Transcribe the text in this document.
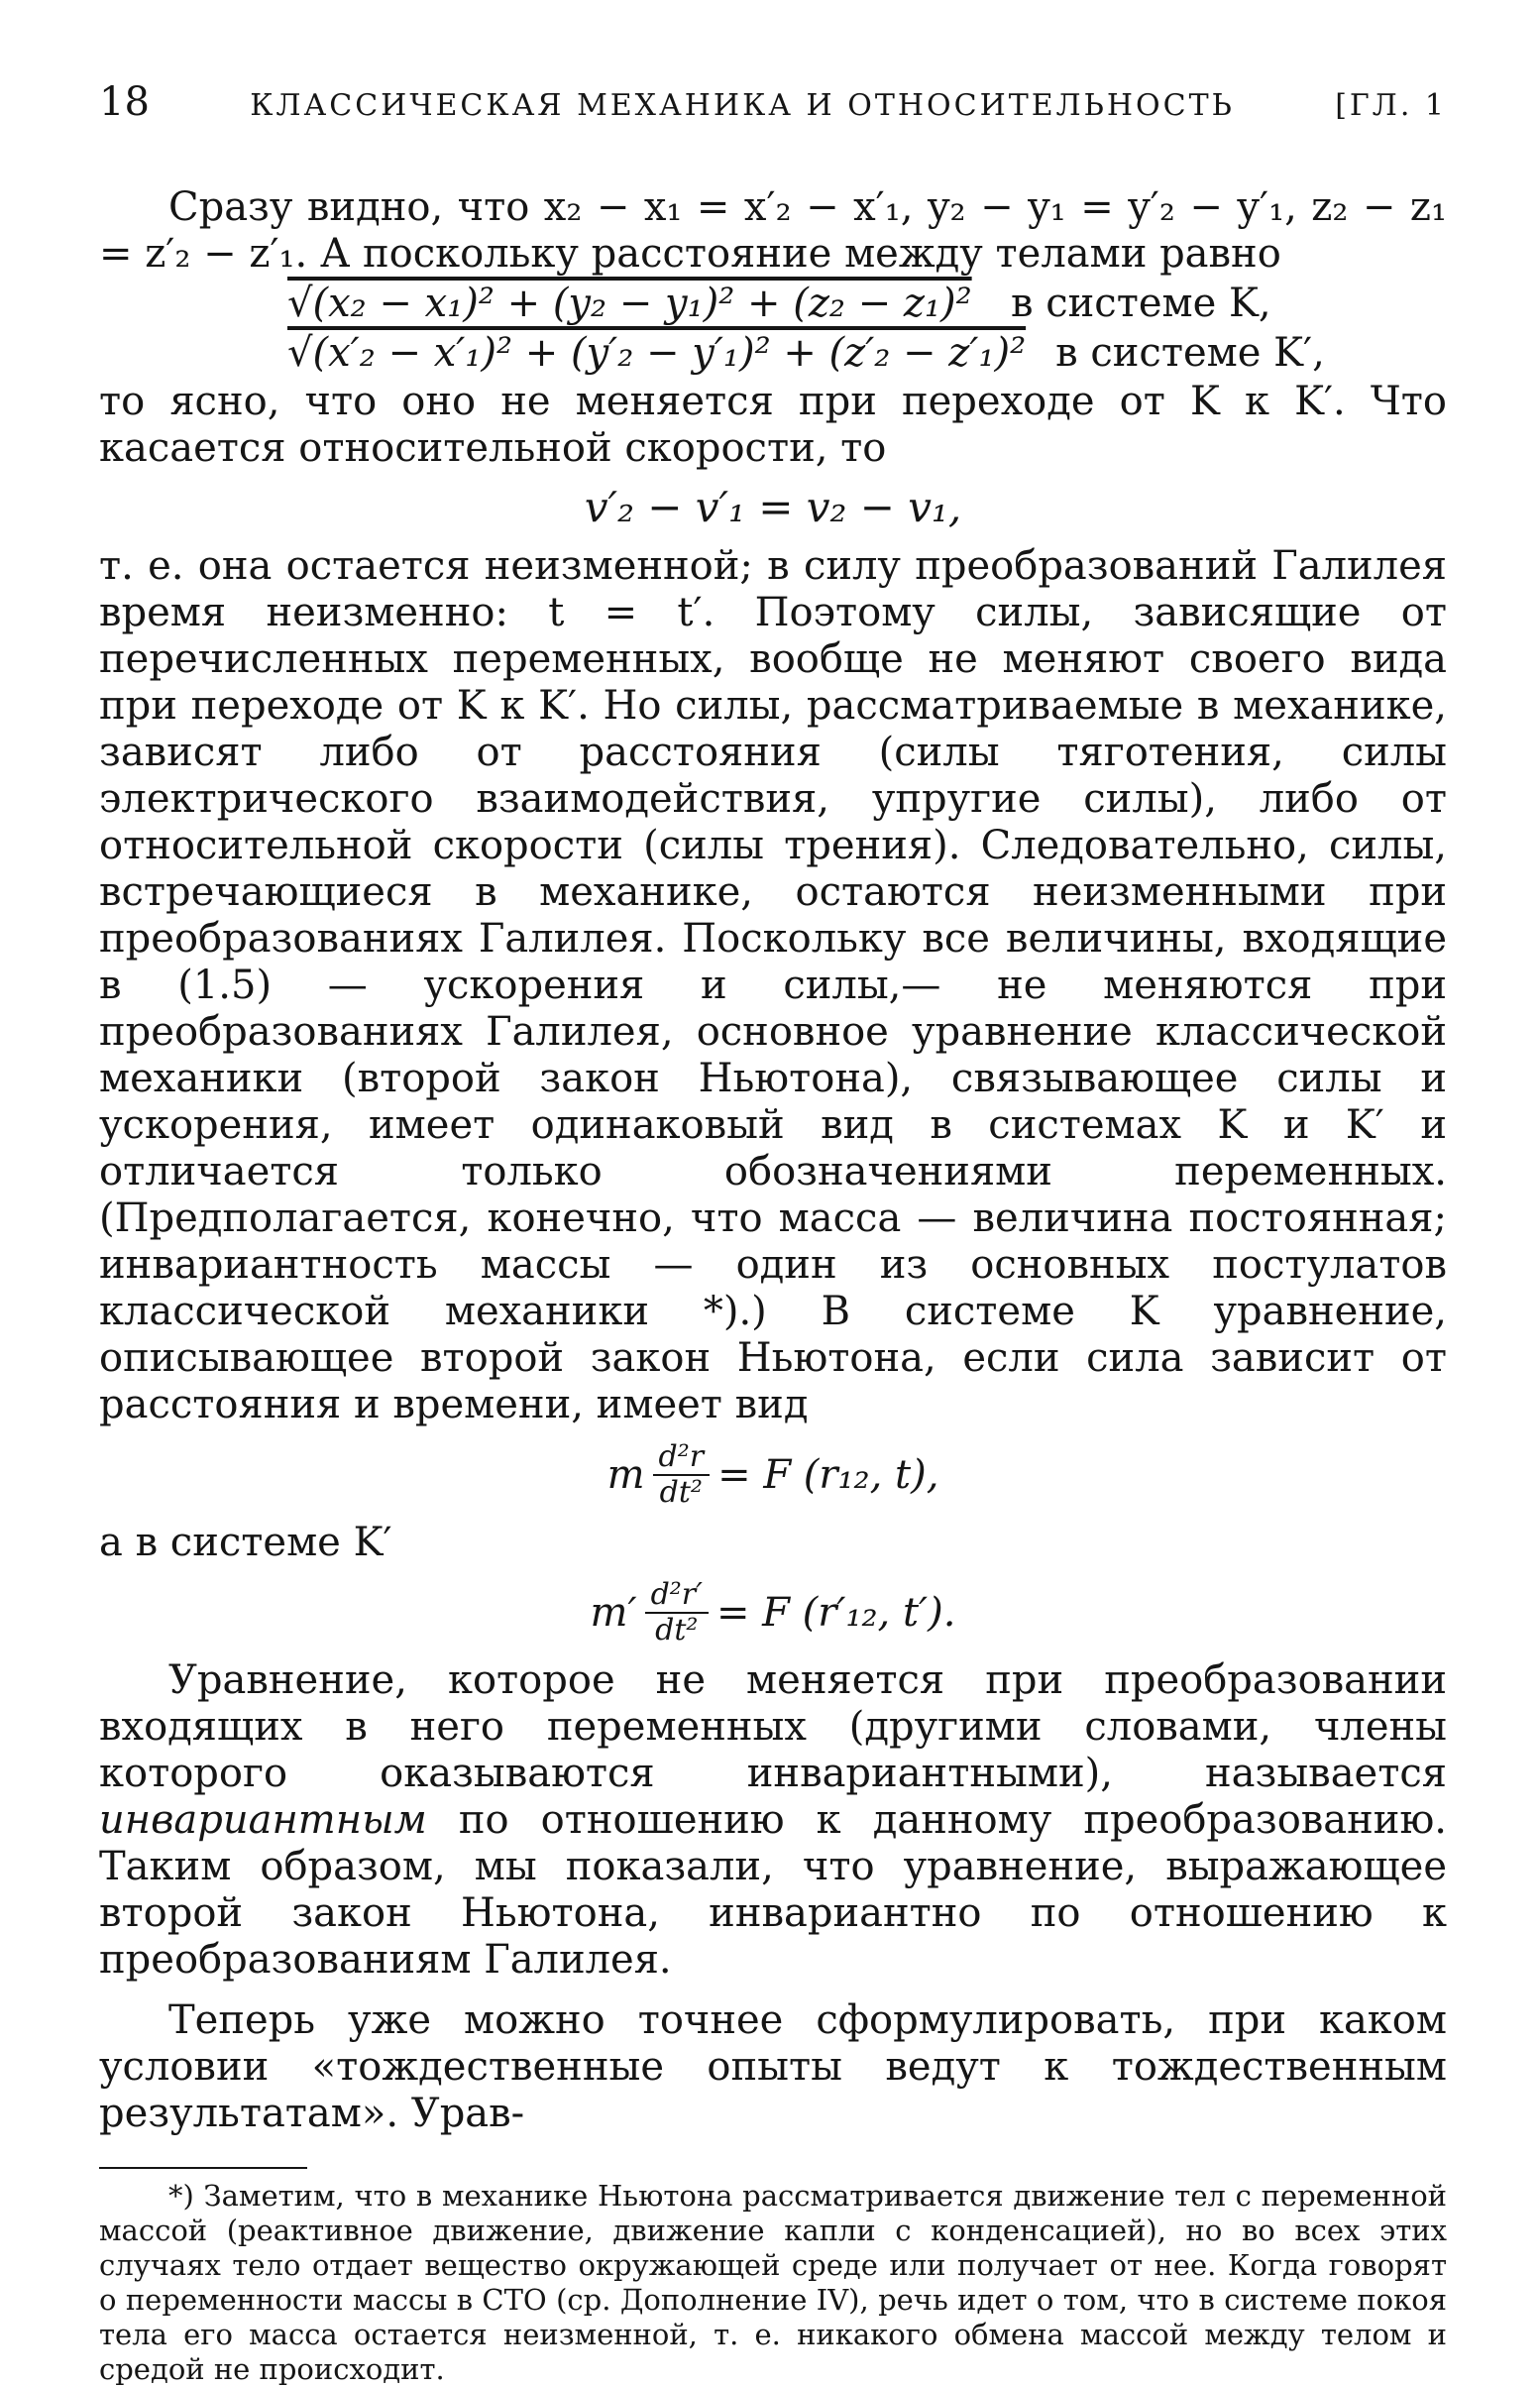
18	КЛАССИЧЕСКАЯ МЕХАНИКА И ОТНОСИТЕЛЬНОСТЬ	[ГЛ. 1

Сразу видно, что x₂ − x₁ = x′₂ − x′₁, y₂ − y₁ = y′₂ − y′₁, z₂ − z₁ = z′₂ − z′₁. А поскольку расстояние между телами равно

√(x₂ − x₁)² + (y₂ − y₁)² + (z₂ − z₁)² в системе K,
√(x′₂ − x′₁)² + (y′₂ − y′₁)² + (z′₂ − z′₁)² в системе K′,

то ясно, что оно не меняется при переходе от K к K′. Что касается относительной скорости, то

v′₂ − v′₁ = v₂ − v₁,

т. е. она остается неизменной; в силу преобразований Галилея время неизменно: t = t′. Поэтому силы, зависящие от перечисленных переменных, вообще не меняют своего вида при переходе от K к K′. Но силы, рассматриваемые в механике, зависят либо от расстояния (силы тяготения, силы электрического взаимодействия, упругие силы), либо от относительной скорости (силы трения). Следовательно, силы, встречающиеся в механике, остаются неизменными при преобразованиях Галилея. Поскольку все величины, входящие в (1.5) — ускорения и силы,— не меняются при преобразованиях Галилея, основное уравнение классической механики (второй закон Ньютона), связывающее силы и ускорения, имеет одинаковый вид в системах K и K′ и отличается только обозначениями переменных. (Предполагается, конечно, что масса — величина постоянная; инвариантность массы — один из основных постулатов классической механики *).) В системе K уравнение, описывающее второй закон Ньютона, если сила зависит от расстояния и времени, имеет вид

m $\frac{\text{d²r}}{\text{dt²}} = F$ (r₁₂, t),

а в системе K′

$m' \frac{\text{d²r′}}{\text{dt²}} = F$ (r′₁₂, t′).

Уравнение, которое не меняется при преобразовании входящих в него переменных (другими словами, члены которого оказываются инвариантными), называется инвариантным по отношению к данному преобразованию. Таким образом, мы показали, что уравнение, выражающее второй закон Ньютона, инвариантно по отношению к преобразованиям Галилея.

Теперь уже можно точнее сформулировать, при каком условии «тождественные опыты ведут к тождественным результатам». Урав-

*) Заметим, что в механике Ньютона рассматривается движение тел с переменной массой (реактивное движение, движение капли с конденсацией), но во всех этих случаях тело отдает вещество окружающей среде или получает от нее. Когда говорят о переменности массы в СТО (ср. Дополнение IV), речь идет о том, что в системе покоя тела его масса остается неизменной, т. е. никакого обмена массой между телом и средой не происходит.
